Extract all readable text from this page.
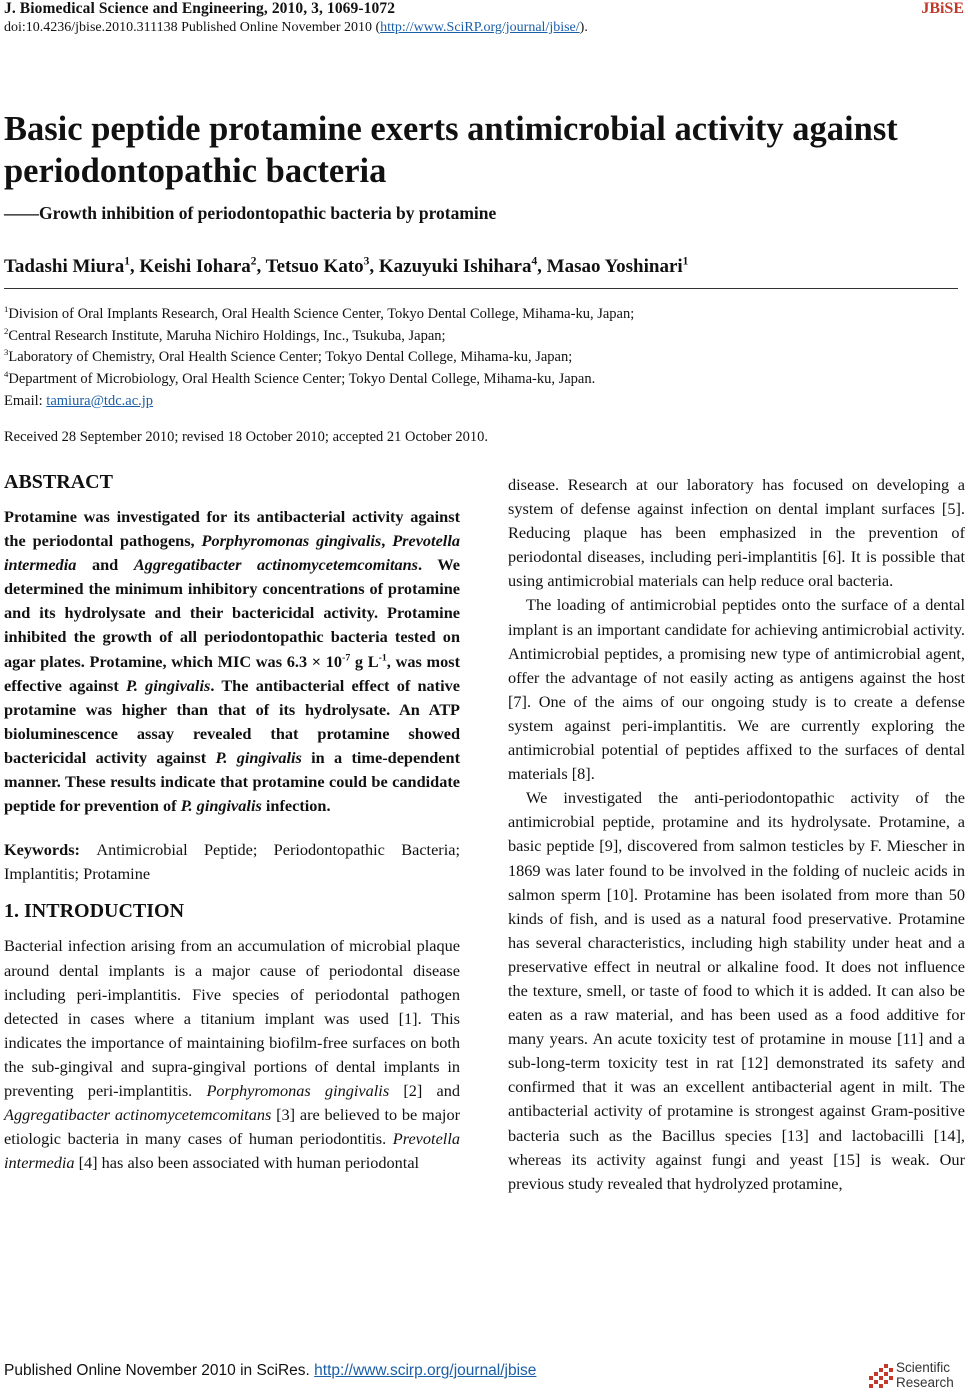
J. Biomedical Science and Engineering, 2010, 3, 1069-1072	JBiSE
doi:10.4236/jbise.2010.311138 Published Online November 2010 (http://www.SciRP.org/journal/jbise/).
Basic peptide protamine exerts antimicrobial activity against periodontopathic bacteria
——Growth inhibition of periodontopathic bacteria by protamine
Tadashi Miura$^1$, Keishi Iohara$^2$, Tetsuo Kato$^3$, Kazuyuki Ishihara$^4$, Masao Yoshinari$^1$
$^1$Division of Oral Implants Research, Oral Health Science Center, Tokyo Dental College, Mihama-ku, Japan;
$^2$Central Research Institute, Maruha Nichiro Holdings, Inc., Tsukuba, Japan;
$^3$Laboratory of Chemistry, Oral Health Science Center; Tokyo Dental College, Mihama-ku, Japan;
$^4$Department of Microbiology, Oral Health Science Center; Tokyo Dental College, Mihama-ku, Japan.
Email: tamiura@tdc.ac.jp
Received 28 September 2010; revised 18 October 2010; accepted 21 October 2010.
ABSTRACT

Protamine was investigated for its antibacterial activity against the periodontal pathogens, Porphyromonas gingivalis, Prevotella intermedia and Aggregatibacter actinomycetemcomitans. We determined the minimum inhibitory concentrations of protamine and its hydrolysate and their bactericidal activity. Protamine inhibited the growth of all periodontopathic bacteria tested on agar plates. Protamine, which MIC was $6.3 \times 10^{-7}$ g $L^{-1}$, was most effective against P. gingivalis. The antibacterial effect of native protamine was higher than that of its hydrolysate. An ATP bioluminescence assay revealed that protamine showed bactericidal activity against P. gingivalis in a time-dependent manner. These results indicate that protamine could be candidate peptide for prevention of P. gingivalis infection.

Keywords: Antimicrobial Peptide; Periodontopathic Bacteria; Implantitis; Protamine

1. INTRODUCTION

Bacterial infection arising from an accumulation of microbial plaque around dental implants is a major cause of periodontal disease including peri-implantitis. Five species of periodontal pathogen detected in cases where a titanium implant was used [1]. This indicates the importance of maintaining biofilm-free surfaces on both the sub-gingival and supra-gingival portions of dental implants in preventing peri-implantitis. Porphyromonas gingivalis [2] and Aggregatibacter actinomycetemcomitans [3] are believed to be major etiologic bacteria in many cases of human periodontitis. Prevotella intermedia [4] has also been associated with human periodontal

disease. Research at our laboratory has focused on developing a system of defense against infection on dental implant surfaces [5]. Reducing plaque has been emphasized in the prevention of periodontal diseases, including peri-implantitis [6]. It is possible that using antimicrobial materials can help reduce oral bacteria.

The loading of antimicrobial peptides onto the surface of a dental implant is an important candidate for achieving antimicrobial activity. Antimicrobial peptides, a promising new type of antimicrobial agent, offer the advantage of not easily acting as antigens against the host [7]. One of the aims of our ongoing study is to create a defense system against peri-implantitis. We are currently exploring the antimicrobial potential of peptides affixed to the surfaces of dental materials [8].

We investigated the anti-periodontopathic activity of the antimicrobial peptide, protamine and its hydrolysate. Protamine, a basic peptide [9], discovered from salmon testicles by F. Miescher in 1869 was later found to be involved in the folding of nucleic acids in salmon sperm [10]. Protamine has been isolated from more than 50 kinds of fish, and is used as a natural food preservative. Protamine has several characteristics, including high stability under heat and a preservative effect in neutral or alkaline food. It does not influence the texture, smell, or taste of food to which it is added. It can also be eaten as a raw material, and has been used as a food additive for many years. An acute toxicity test of protamine in mouse [11] and a sub-long-term toxicity test in rat [12] demonstrated its safety and confirmed that it was an excellent antibacterial agent in milt. The antibacterial activity of protamine is strongest against Gram-positive bacteria such as the Bacillus species [13] and lactobacilli [14], whereas its activity against fungi and yeast [15] is weak. Our previous study revealed that hydrolyzed protamine,

Published Online November 2010 in SciRes. http://www.scirp.org/journal/jbise	Scientific
Research
